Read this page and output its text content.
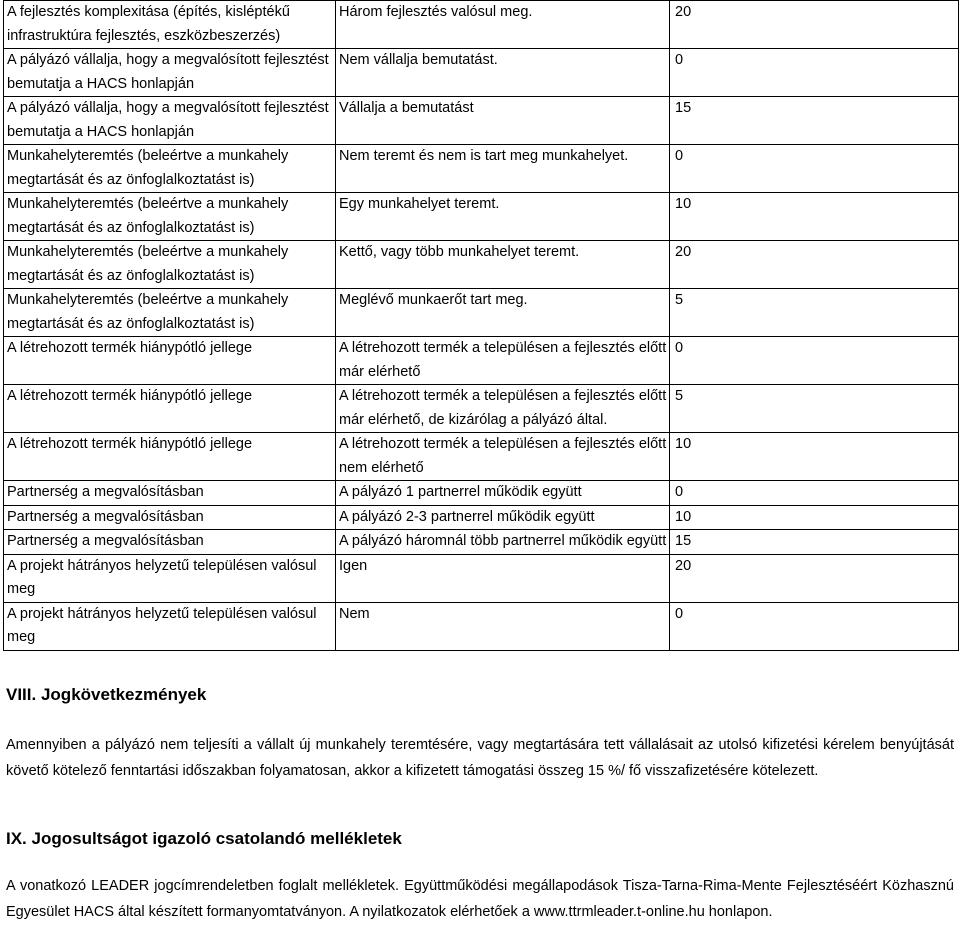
A fejlesztés komplexitása (építés, kisléptékű infrastruktúra fejlesztés, eszközbeszerzés)	Három fejlesztés valósul meg.	20
A pályázó vállalja, hogy a megvalósított fejlesztést bemutatja a HACS honlapján	Nem vállalja bemutatást.	0
A pályázó vállalja, hogy a megvalósított fejlesztést bemutatja a HACS honlapján	Vállalja a bemutatást	15
Munkahelyteremtés (beleértve a munkahely megtartását és az önfoglalkoztatást is)	Nem teremt és nem is tart meg munkahelyet.	0
Munkahelyteremtés (beleértve a munkahely megtartását és az önfoglalkoztatást is)	Egy munkahelyet teremt.	10
Munkahelyteremtés (beleértve a munkahely megtartását és az önfoglalkoztatást is)	Kettő, vagy több munkahelyet teremt.	20
Munkahelyteremtés (beleértve a munkahely megtartását és az önfoglalkoztatást is)	Meglévő munkaerőt tart meg.	5
A létrehozott termék hiánypótló jellege	A létrehozott termék a településen a fejlesztés előtt már elérhető	0
A létrehozott termék hiánypótló jellege	A létrehozott termék a településen a fejlesztés előtt már elérhető, de kizárólag a pályázó által.	5
A létrehozott termék hiánypótló jellege	A létrehozott termék a településen a fejlesztés előtt nem elérhető	10
Partnerség a megvalósításban	A pályázó 1 partnerrel működik együtt	0
Partnerség a megvalósításban	A pályázó 2-3 partnerrel működik együtt	10
Partnerség a megvalósításban	A pályázó háromnál több partnerrel működik együtt	15
A projekt hátrányos helyzetű településen valósul meg	Igen	20
A projekt hátrányos helyzetű településen valósul meg	Nem	0
VIII. Jogkövetkezmények

Amennyiben a pályázó nem teljesíti a vállalt új munkahely teremtésére, vagy megtartására tett vállalásait az utolsó kifizetési kérelem benyújtását követő kötelező fenntartási időszakban folyamatosan, akkor a kifizetett támogatási összeg 15 %/ fő visszafizetésére kötelezett.

IX. Jogosultságot igazoló csatolandó mellékletek

A vonatkozó LEADER jogcímrendeletben foglalt mellékletek. Együttműködési megállapodások Tisza-Tarna-Rima-Mente Fejlesztéséért Közhasznú Egyesület HACS által készített formanyomtatványon. A nyilatkozatok elérhetőek a www.ttrmleader.t-online.hu honlapon.
